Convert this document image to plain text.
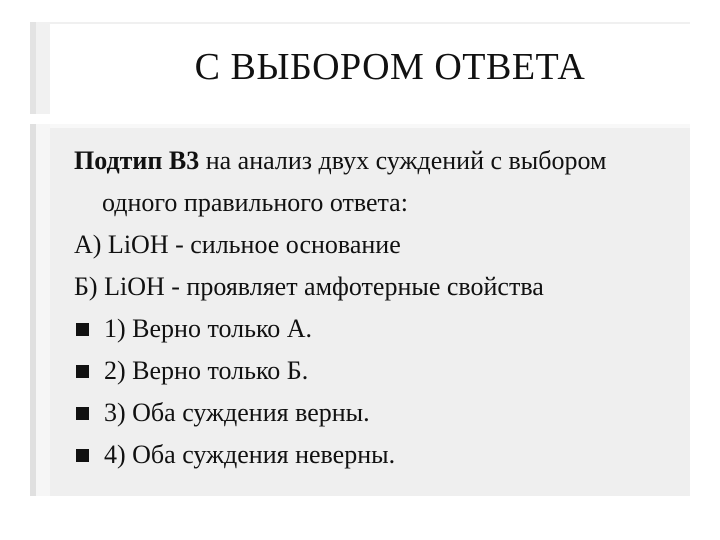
С ВЫБОРОМ ОТВЕТА
Подтип В3 на анализ двух суждений с выбором одного правильного ответа:
А) LiOH - сильное основание
Б) LiOH - проявляет амфотерные свойства
1) Верно только А.
2) Верно только Б.
3) Оба суждения верны.
4) Оба суждения неверны.
